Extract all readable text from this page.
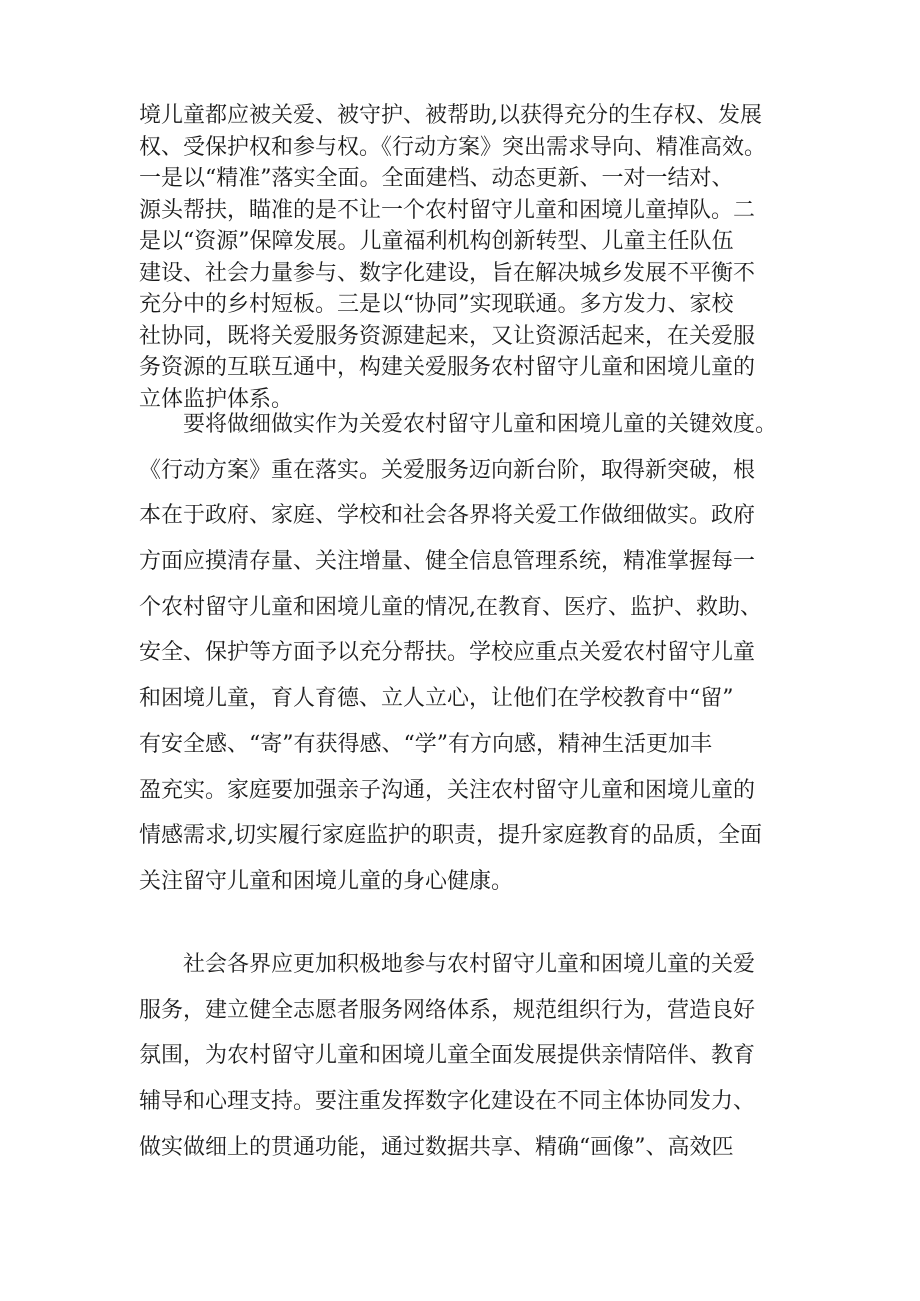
境儿童都应被关爱、被守护、被帮助,以获得充分的生存权、发展
权、受保护权和参与权。《行动方案》突出需求导向、精准高效。
一是以“精准”落实全面。全面建档、动态更新、一对一结对、
源头帮扶，瞄准的是不让一个农村留守儿童和困境儿童掉队。二
是以“资源”保障发展。儿童福利机构创新转型、儿童主任队伍
建设、社会力量参与、数字化建设，旨在解决城乡发展不平衡不
充分中的乡村短板。三是以“协同”实现联通。多方发力、家校
社协同，既将关爱服务资源建起来，又让资源活起来，在关爱服
务资源的互联互通中，构建关爱服务农村留守儿童和困境儿童的
立体监护体系。
　　要将做细做实作为关爱农村留守儿童和困境儿童的关键效度。
《行动方案》重在落实。关爱服务迈向新台阶，取得新突破，根
本在于政府、家庭、学校和社会各界将关爱工作做细做实。政府
方面应摸清存量、关注增量、健全信息管理系统，精准掌握每一
个农村留守儿童和困境儿童的情况,在教育、医疗、监护、救助、
安全、保护等方面予以充分帮扶。学校应重点关爱农村留守儿童
和困境儿童，育人育德、立人立心，让他们在学校教育中“留”
有安全感、“寄”有获得感、“学”有方向感，精神生活更加丰
盈充实。家庭要加强亲子沟通，关注农村留守儿童和困境儿童的
情感需求,切实履行家庭监护的职责，提升家庭教育的品质，全面
关注留守儿童和困境儿童的身心健康。
　　社会各界应更加积极地参与农村留守儿童和困境儿童的关爱
服务，建立健全志愿者服务网络体系，规范组织行为，营造良好
氛围，为农村留守儿童和困境儿童全面发展提供亲情陪伴、教育
辅导和心理支持。要注重发挥数字化建设在不同主体协同发力、
做实做细上的贯通功能，通过数据共享、精确“画像”、高效匹
